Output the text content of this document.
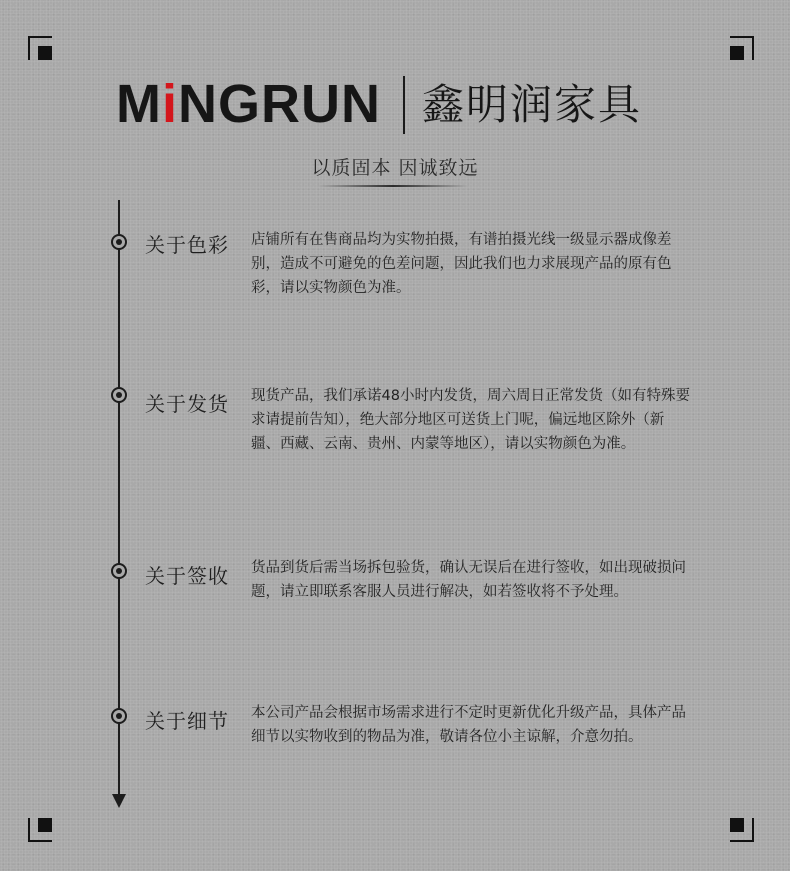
MiNGRUN 鑫明润家具
以质固本 因诚致远
关于色彩 店铺所有在售商品均为实物拍摄，有谱拍摄光线一级显示器成像差别，造成不可避免的色差问题，因此我们也力求展现产品的原有色彩，请以实物颜色为准。
关于发货 现货产品，我们承诺48小时内发货，周六周日正常发货（如有特殊要求请提前告知），绝大部分地区可送货上门呢，偏远地区除外（新疆、西藏、云南、贵州、内蒙等地区），请以实物颜色为准。
关于签收 货品到货后需当场拆包验货，确认无误后在进行签收，如出现破损问题，请立即联系客服人员进行解决，如若签收将不予处理。
关于细节 本公司产品会根据市场需求进行不定时更新优化升级产品，具体产品细节以实物收到的物品为准，敬请各位小主谅解，介意勿拍。
